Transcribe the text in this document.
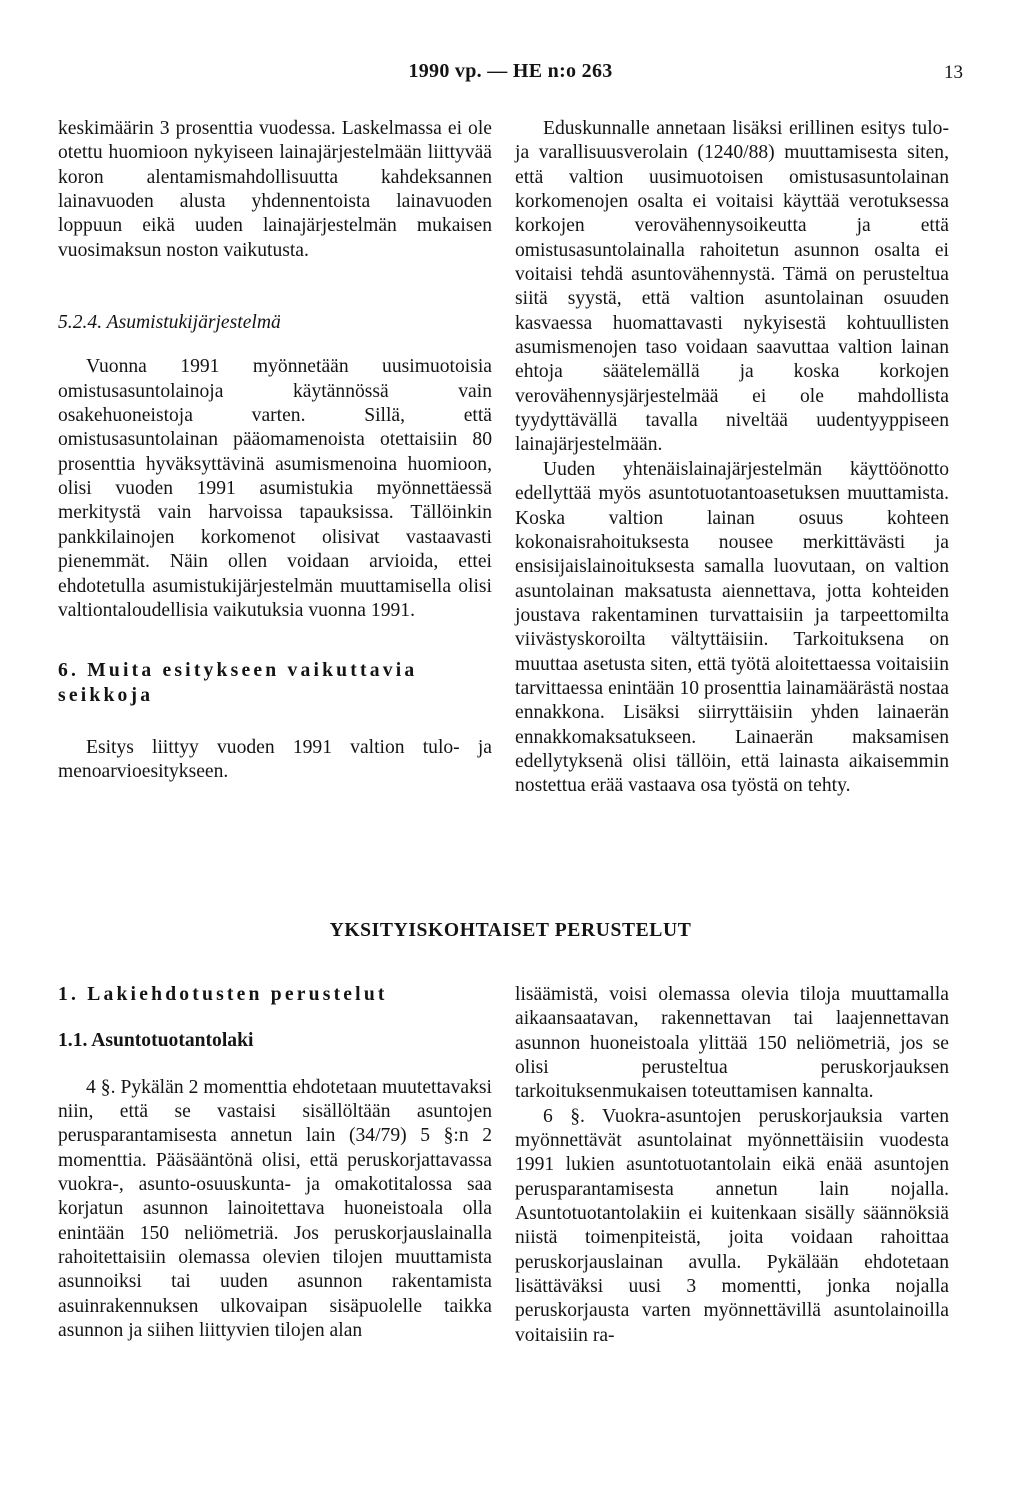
1990 vp. — HE n:o 263	13

keskimäärin 3 prosenttia vuodessa. Laskelmassa ei ole otettu huomioon nykyiseen lainajärjestelmään liittyvää koron alentamismahdollisuutta kahdeksannen lainavuoden alusta yhdennentoista lainavuoden loppuun eikä uuden lainajärjestelmän mukaisen vuosimaksun noston vaikutusta.

5.2.4. Asumistukijärjestelmä

Vuonna 1991 myönnetään uusimuotoisia omistusasuntolainoja käytännössä vain osakehuoneistoja varten. Sillä, että omistusasuntolainan pääomamenoista otettaisiin 80 prosenttia hyväksyttävinä asumismenoina huomioon, olisi vuoden 1991 asumistukia myönnettäessä merkitystä vain harvoissa tapauksissa. Tällöinkin pankkilainojen korkomenot olisivat vastaavasti pienemmät. Näin ollen voidaan arvioida, ettei ehdotetulla asumistukijärjestelmän muuttamisella olisi valtiontaloudellisia vaikutuksia vuonna 1991.

6. Muita esitykseen vaikuttavia seikkoja

Esitys liittyy vuoden 1991 valtion tulo- ja menoarvioesitykseen.

Eduskunnalle annetaan lisäksi erillinen esitys tulo- ja varallisuusverolain (1240/88) muuttamisesta siten, että valtion uusimuotoisen omistusasuntolainan korkomenojen osalta ei voitaisi käyttää verotuksessa korkojen verovähennysoikeutta ja että omistusasuntolainalla rahoitetun asunnon osalta ei voitaisi tehdä asuntovähennystä. Tämä on perusteltua siitä syystä, että valtion asuntolainan osuuden kasvaessa huomattavasti nykyisestä kohtuullisten asumismenojen taso voidaan saavuttaa valtion lainan ehtoja säätelemällä ja koska korkojen verovähennysjärjestelmää ei ole mahdollista tyydyttävällä tavalla niveltää uudentyyppiseen lainajärjestelmään.

Uuden yhtenäislainajärjestelmän käyttöönotto edellyttää myös asuntotuotantoasetuksen muuttamista. Koska valtion lainan osuus kohteen kokonaisrahoituksesta nousee merkittävästi ja ensisijaislainoituksesta samalla luovutaan, on valtion asuntolainan maksatusta aiennettava, jotta kohteiden joustava rakentaminen turvattaisiin ja tarpeettomilta viivästyskoroilta vältyttäisiin. Tarkoituksena on muuttaa asetusta siten, että työtä aloitettaessa voitaisiin tarvittaessa enintään 10 prosenttia lainamäärästä nostaa ennakkona. Lisäksi siirryttäisiin yhden lainaerän ennakkomaksatukseen. Lainaerän maksamisen edellytyksenä olisi tällöin, että lainasta aikaisemmin nostettua erää vastaava osa työstä on tehty.

YKSITYISKOHTAISET PERUSTELUT

1. Lakiehdotusten perustelut

1.1. Asuntotuotantolaki

4 §. Pykälän 2 momenttia ehdotetaan muutettavaksi niin, että se vastaisi sisällöltään asuntojen perusparantamisesta annetun lain (34/79) 5 §:n 2 momenttia. Pääsääntönä olisi, että peruskorjattavassa vuokra-, asunto-osuuskunta- ja omakotitalossa saa korjatun asunnon lainoitettava huoneistoala olla enintään 150 neliömetriä. Jos peruskorjauslainalla rahoitettaisiin olemassa olevien tilojen muuttamista asunnoiksi tai uuden asunnon rakentamista asuinrakennuksen ulkovaipan sisäpuolelle taikka asunnon ja siihen liittyvien tilojen alan

lisäämistä, voisi olemassa olevia tiloja muuttamalla aikaansaatavan, rakennettavan tai laajennettavan asunnon huoneistoala ylittää 150 neliömetriä, jos se olisi perusteltua peruskorjauksen tarkoituksenmukaisen toteuttamisen kannalta.

6 §. Vuokra-asuntojen peruskorjauksia varten myönnettävät asuntolainat myönnettäisiin vuodesta 1991 lukien asuntotuotantolain eikä enää asuntojen perusparantamisesta annetun lain nojalla. Asuntotuotantolakiin ei kuitenkaan sisälly säännöksiä niistä toimenpiteistä, joita voidaan rahoittaa peruskorjauslainan avulla. Pykälään ehdotetaan lisättäväksi uusi 3 momentti, jonka nojalla peruskorjausta varten myönnettävillä asuntolainoilla voitaisiin ra-
